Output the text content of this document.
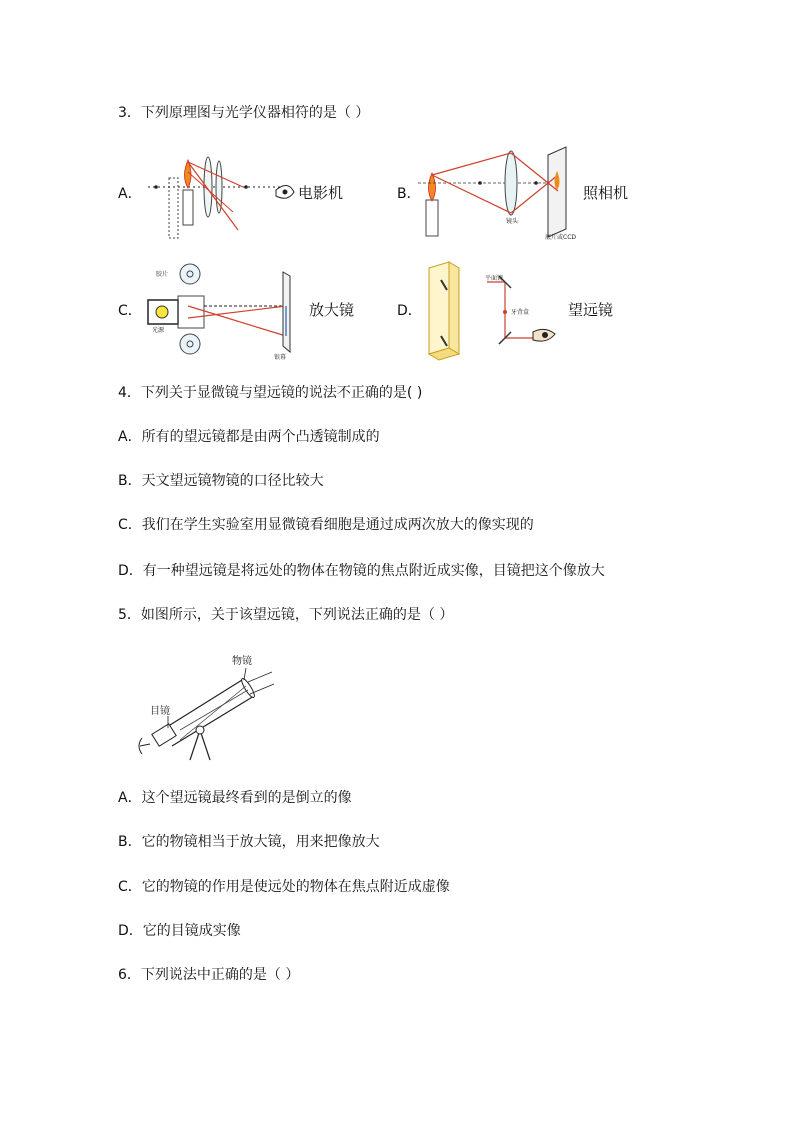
3．下列原理图与光学仪器相符的是（ ）
A．	电影机	B．
镜头
底片或CCD
照相机
C．
胶片
光源
银幕
放大镜	D．
平面镜
牙背盒	望远镜
4．下列关于显微镜与望远镜的说法不正确的是( )
A．所有的望远镜都是由两个凸透镜制成的
B．天文望远镜物镜的口径比较大
C．我们在学生实验室用显微镜看细胞是通过成两次放大的像实现的
D．有一种望远镜是将远处的物体在物镜的焦点附近成实像，目镜把这个像放大
5．如图所示，关于该望远镜，下列说法正确的是（ ）
物镜
目镜
A．这个望远镜最终看到的是倒立的像
B．它的物镜相当于放大镜，用来把像放大
C．它的物镜的作用是使远处的物体在焦点附近成虚像
D．它的目镜成实像
6．下列说法中正确的是（ ）
